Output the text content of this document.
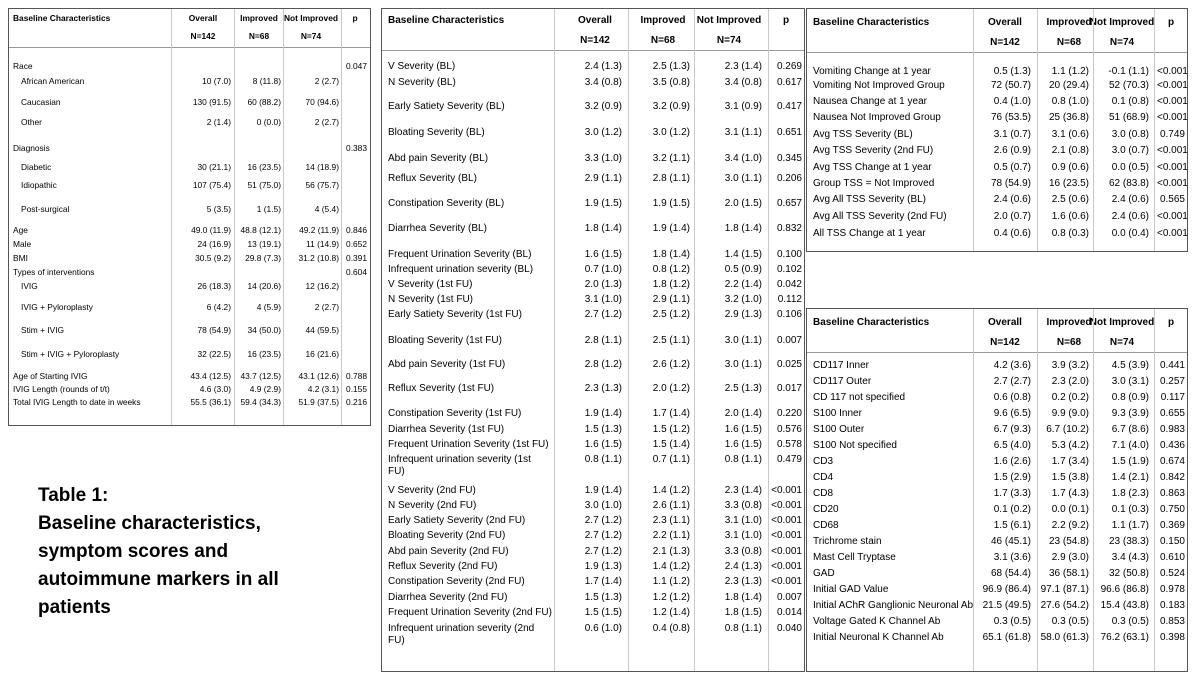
Baseline Characteristics	Overall	Improved Not Improved	p
N=142	N=68	N=74
Race	0.047
African American	10 (7.0)	8 (11.8)	2 (2.7)
Caucasian	130 (91.5)	60 (88.2)	70 (94.6)
Other	2 (1.4)	0 (0.0)	2 (2.7)
Diagnosis	0.383
Diabetic	30 (21.1)	16 (23.5)	14 (18.9)
Idiopathic	107 (75.4)	51 (75.0)	56 (75.7)
Post-surgical	5 (3.5)	1 (1.5)	4 (5.4)
Age	49.0 (11.9)	48.8 (12.1)	49.2 (11.9) 0.846
Male	24 (16.9)	13 (19.1)	11 (14.9) 0.652
BMI	30.5 (9.2)	29.8 (7.3)	31.2 (10.8) 0.391
Types of interventions	0.604
IVIG	26 (18.3)	14 (20.6)	12 (16.2)
IVIG + Pyloroplasty	6 (4.2)	4 (5.9)	2 (2.7)
Stim + IVIG	78 (54.9)	34 (50.0)	44 (59.5)
Stim + IVIG + Pyloroplasty	32 (22.5)	16 (23.5)	16 (21.6)
Age of Starting IVIG	43.4 (12.5)	43.7 (12.5)	43.1 (12.6) 0.788
IVIG Length (rounds of t/t)	4.6 (3.0)	4.9 (2.9)	4.2 (3.1) 0.155
Total IVIG Length to date in weeks	55.5 (36.1)	59.4 (34.3)	51.9 (37.5) 0.216
Baseline Characteristics	Overall	Improved	Not Improved	p
N=142	N=68	N=74
V Severity (BL)	2.4 (1.3)	2.5 (1.3)	2.3 (1.4)	0.269
N Severity (BL)	3.4 (0.8)	3.5 (0.8)	3.4 (0.8)	0.617
Early Satiety Severity (BL)	3.2 (0.9)	3.2 (0.9)	3.1 (0.9)	0.417
Bloating Severity (BL)	3.0 (1.2)	3.0 (1.2)	3.1 (1.1)	0.651
Abd pain Severity (BL)	3.3 (1.0)	3.2 (1.1)	3.4 (1.0)	0.345
Reflux Severity (BL)	2.9 (1.1)	2.8 (1.1)	3.0 (1.1)	0.206
Constipation Severity (BL)	1.9 (1.5)	1.9 (1.5)	2.0 (1.5)	0.657
Diarrhea Severity (BL)	1.8 (1.4)	1.9 (1.4)	1.8 (1.4)	0.832
Frequent Urination Severity (BL)	1.6 (1.5)	1.8 (1.4)	1.4 (1.5)	0.100
Infrequent urination severity (BL)	0.7 (1.0)	0.8 (1.2)	0.5 (0.9)	0.102
V Severity (1st FU)	2.0 (1.3)	1.8 (1.2)	2.2 (1.4)	0.042
N Severity (1st FU)	3.1 (1.0)	2.9 (1.1)	3.2 (1.0)	0.112
Early Satiety Severity (1st FU)	2.7 (1.2)	2.5 (1.2)	2.9 (1.3)	0.106
Bloating Severity (1st FU)	2.8 (1.1)	2.5 (1.1)	3.0 (1.1)	0.007
Abd pain Severity (1st FU)	2.8 (1.2)	2.6 (1.2)	3.0 (1.1)	0.025
Reflux Severity (1st FU)	2.3 (1.3)	2.0 (1.2)	2.5 (1.3)	0.017
Constipation Severity (1st FU)	1.9 (1.4)	1.7 (1.4)	2.0 (1.4)	0.220
Diarrhea Severity (1st FU)	1.5 (1.3)	1.5 (1.2)	1.6 (1.5)	0.576
Frequent Urination Severity (1st FU)	1.6 (1.5)	1.5 (1.4)	1.6 (1.5)	0.578
Infrequent urination severity (1st	0.8 (1.1)	0.7 (1.1)	0.8 (1.1)	0.479
FU)
V Severity (2nd FU)	1.9 (1.4)	1.4 (1.2)	2.3 (1.4) <0.001
N Severity (2nd FU)	3.0 (1.0)	2.6 (1.1)	3.3 (0.8) <0.001
Early Satiety Severity (2nd FU)	2.7 (1.2)	2.3 (1.1)	3.1 (1.0) <0.001
Bloating Severity (2nd FU)	2.7 (1.2)	2.2 (1.1)	3.1 (1.0) <0.001
Abd pain Severity (2nd FU)	2.7 (1.2)	2.1 (1.3)	3.3 (0.8) <0.001
Reflux Severity (2nd FU)	1.9 (1.3)	1.4 (1.2)	2.4 (1.3) <0.001
Constipation Severity (2nd FU)	1.7 (1.4)	1.1 (1.2)	2.3 (1.3) <0.001
Diarrhea Severity (2nd FU)	1.5 (1.3)	1.2 (1.2)	1.8 (1.4)	0.007
Frequent Urination Severity (2nd FU)	1.5 (1.5)	1.2 (1.4)	1.8 (1.5)	0.014
Infrequent urination severity (2nd	0.6 (1.0)	0.4 (0.8)	0.8 (1.1)	0.040
FU)
Baseline Characteristics	Overall	Improved
Not Improved	p
N=142	N=68	N=74
Vomiting Change at 1 year	0.5 (1.3)	1.1 (1.2)	-0.1 (1.1) <0.001
Vomiting Not Improved Group	72 (50.7)	20 (29.4)	52 (70.3) <0.001
Nausea Change at 1 year	0.4 (1.0)	0.8 (1.0)	0.1 (0.8) <0.001
Nausea Not Improved Group	76 (53.5)	25 (36.8)	51 (68.9) <0.001
Avg TSS Severity (BL)	3.1 (0.7)	3.1 (0.6)	3.0 (0.8) 0.749
Avg TSS Severity (2nd FU)	2.6 (0.9)	2.1 (0.8)	3.0 (0.7) <0.001
Avg TSS Change at 1 year	0.5 (0.7)	0.9 (0.6)	0.0 (0.5) <0.001
Group TSS = Not Improved	78 (54.9)	16 (23.5)	62 (83.8) <0.001
Avg All TSS Severity (BL)	2.4 (0.6)	2.5 (0.6)	2.4 (0.6) 0.565
Avg All TSS Severity (2nd FU)	2.0 (0.7)	1.6 (0.6)	2.4 (0.6) <0.001
All TSS Change at 1 year	0.4 (0.6)	0.8 (0.3)	0.0 (0.4) <0.001
Baseline Characteristics	Overall	Improved
Not Improved	p
N=142	N=68	N=74
CD117 Inner	4.2 (3.6)	3.9 (3.2)	4.5 (3.9) 0.441
CD117 Outer	2.7 (2.7)	2.3 (2.0)	3.0 (3.1) 0.257
CD 117 not specified	0.6 (0.8)	0.2 (0.2)	0.8 (0.9)	0.117
S100 Inner	9.6 (6.5)	9.9 (9.0)	9.3 (3.9) 0.655
S100 Outer	6.7 (9.3)	6.7 (10.2)	6.7 (8.6) 0.983
S100 Not specified	6.5 (4.0)	5.3 (4.2)	7.1 (4.0) 0.436
CD3	1.6 (2.6)	1.7 (3.4)	1.5 (1.9) 0.674
CD4	1.5 (2.9)	1.5 (3.8)	1.4 (2.1) 0.842
CD8	1.7 (3.3)	1.7 (4.3)	1.8 (2.3) 0.863
CD20	0.1 (0.2)	0.0 (0.1)	0.1 (0.3) 0.750
CD68	1.5 (6.1)	2.2 (9.2)	1.1 (1.7) 0.369
Trichrome stain	46 (45.1)	23 (54.8)	23 (38.3) 0.150
Mast Cell Tryptase	3.1 (3.6)	2.9 (3.0)	3.4 (4.3) 0.610
GAD	68 (54.4)	36 (58.1)	32 (50.8) 0.524
Initial GAD Value	96.9 (86.4) 97.1 (87.1)	96.6 (86.8) 0.978
Initial AChR Ganglionic Neuronal Ab 21.5 (49.5) 27.6 (54.2)	15.4 (43.8) 0.183
Voltage Gated K Channel Ab	0.3 (0.5)	0.3 (0.5)	0.3 (0.5) 0.853
Initial Neuronal K Channel Ab	65.1 (61.8) 58.0 (61.3)	76.2 (63.1) 0.398
Table 1:
Baseline characteristics,
symptom scores and
autoimmune markers in all
patients
